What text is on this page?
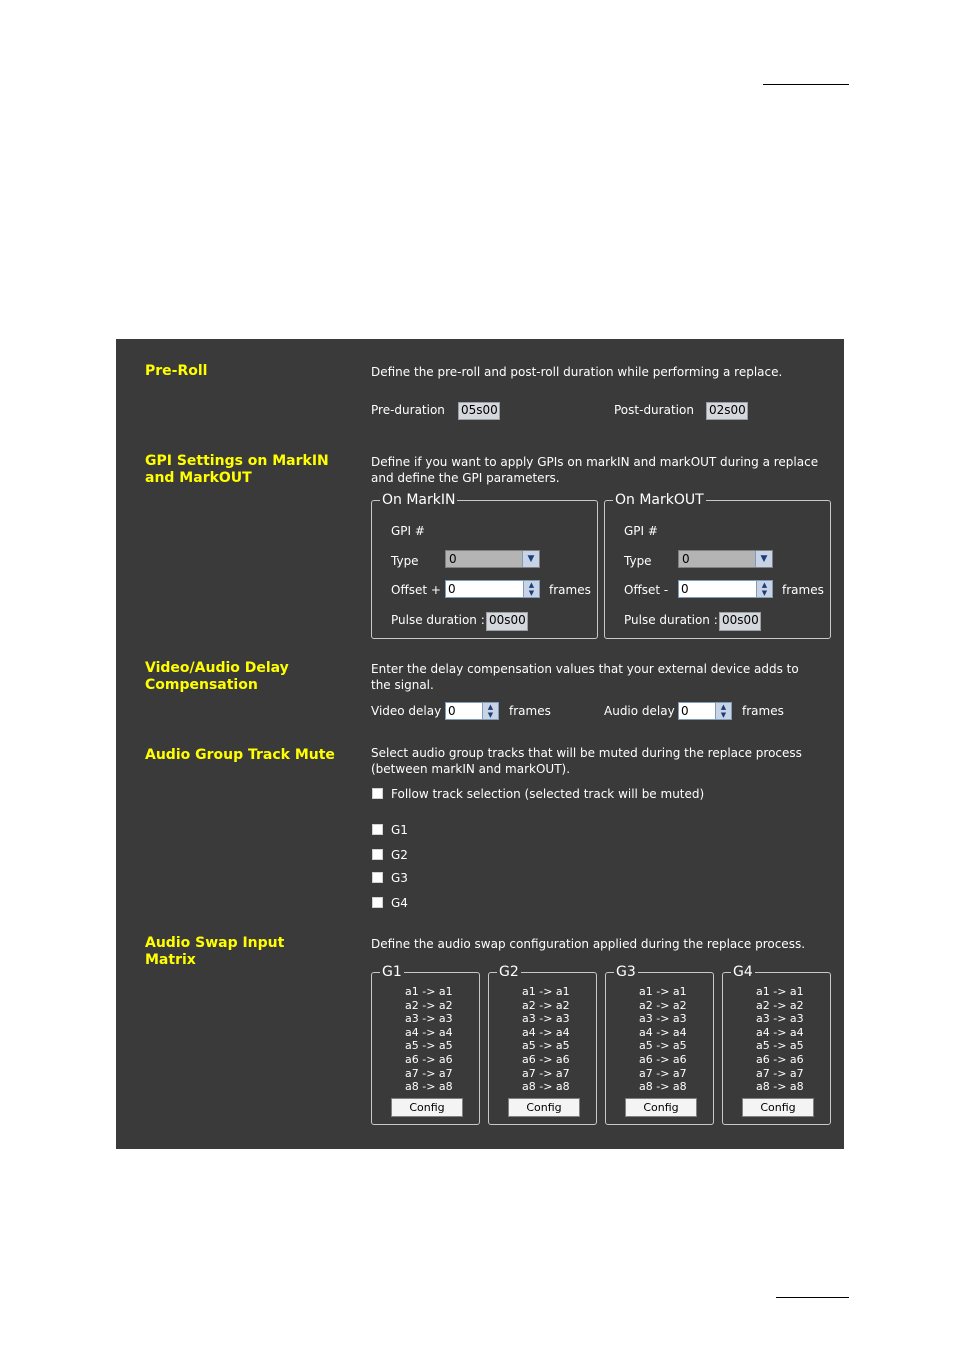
Pre-Roll	Define the pre-roll and post-roll duration while performing a replace.
Pre-duration 05s00	Post-duration 02s00
GPI Settings on MarkIN and MarkOUT
Define if you want to apply GPIs on markIN and markOUT during a replace and define the GPI parameters.
On MarkIN
GPI #
Type	0	▼
Offset + 0	▲
▼	frames
Pulse duration : 00s00
On MarkOUT
GPI #
Type	0	▼
Offset - 0	▲
▼	frames
Pulse duration : 00s00
Video/Audio Delay Compensation
Enter the delay compensation values that your external device adds to the signal.
Video delay 0	▲
▼	frames	Audio delay 0	▲
▼	frames
Audio Group Track Mute	Select audio group tracks that will be muted during the replace process (between markIN and markOUT).
Follow track selection (selected track will be muted)
G1
G2
G3
G4
Audio Swap Input Matrix
Define the audio swap configuration applied during the replace process.
G1
a1 -> a1
a2 -> a2
a3 -> a3
a4 -> a4
a5 -> a5
a6 -> a6
a7 -> a7
a8 -> a8
Config
G2
a1 -> a1
a2 -> a2
a3 -> a3
a4 -> a4
a5 -> a5
a6 -> a6
a7 -> a7
a8 -> a8
Config
G3
a1 -> a1
a2 -> a2
a3 -> a3
a4 -> a4
a5 -> a5
a6 -> a6
a7 -> a7
a8 -> a8
Config
G4
a1 -> a1
a2 -> a2
a3 -> a3
a4 -> a4
a5 -> a5
a6 -> a6
a7 -> a7
a8 -> a8
Config
